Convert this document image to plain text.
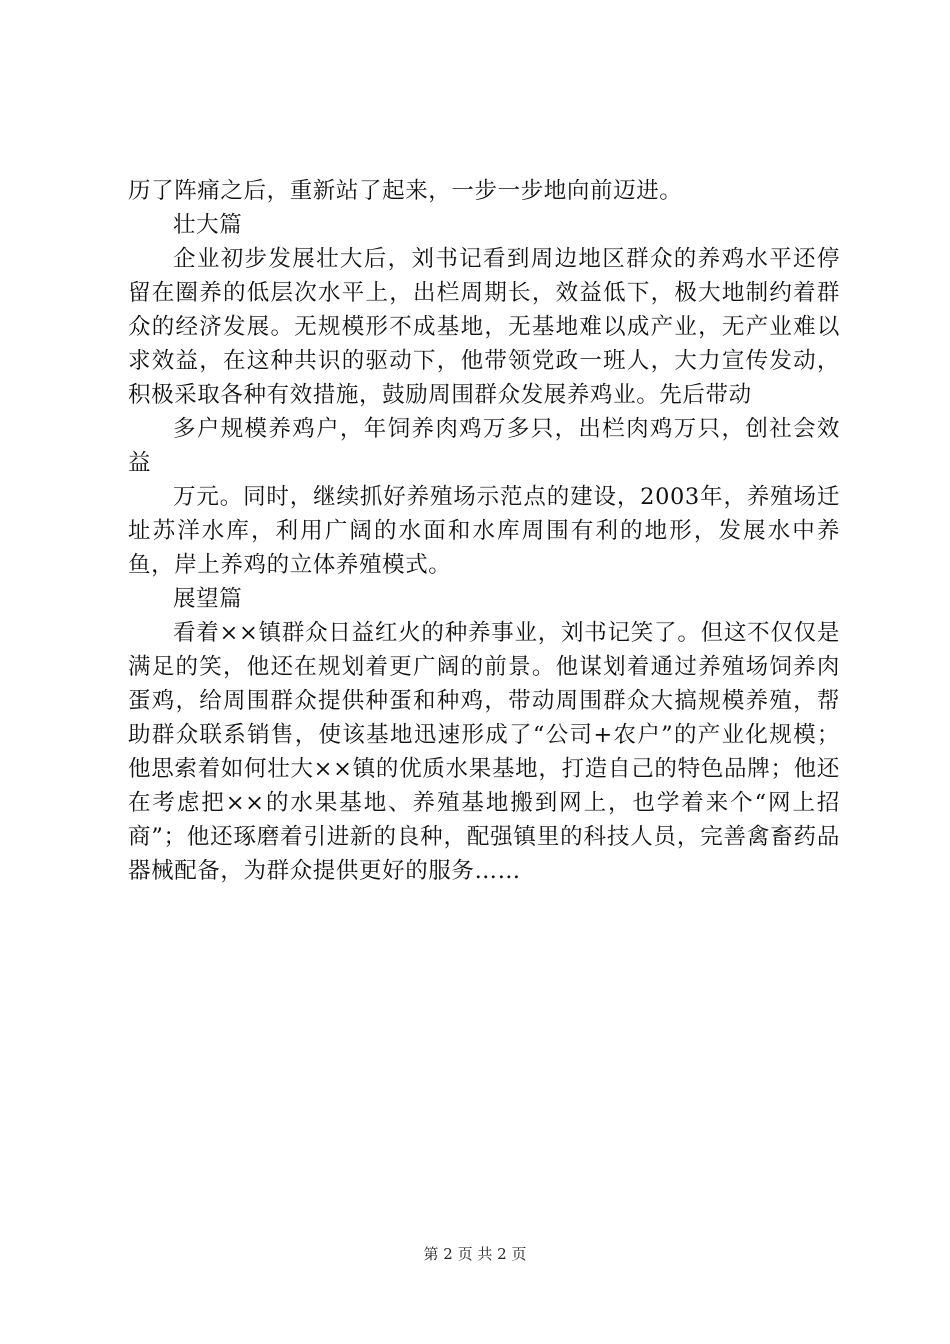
历了阵痛之后，重新站了起来，一步一步地向前迈进。

壮大篇

企业初步发展壮大后，刘书记看到周边地区群众的养鸡水平还停留在圈养的低层次水平上，出栏周期长，效益低下，极大地制约着群众的经济发展。无规模形不成基地，无基地难以成产业，无产业难以求效益，在这种共识的驱动下，他带领党政一班人，大力宣传发动，积极采取各种有效措施，鼓励周围群众发展养鸡业。先后带动

多户规模养鸡户，年饲养肉鸡万多只，出栏肉鸡万只，创社会效益

万元。同时，继续抓好养殖场示范点的建设，2003年，养殖场迁址苏洋水库，利用广阔的水面和水库周围有利的地形，发展水中养鱼，岸上养鸡的立体养殖模式。

展望篇

看着××镇群众日益红火的种养事业，刘书记笑了。但这不仅仅是满足的笑，他还在规划着更广阔的前景。他谋划着通过养殖场饲养肉蛋鸡，给周围群众提供种蛋和种鸡，带动周围群众大搞规模养殖，帮助群众联系销售，使该基地迅速形成了“公司+农户”的产业化规模；他思索着如何壮大××镇的优质水果基地，打造自己的特色品牌；他还在考虑把××的水果基地、养殖基地搬到网上，也学着来个“网上招商”；他还琢磨着引进新的良种，配强镇里的科技人员，完善禽畜药品器械配备，为群众提供更好的服务……

第 2 页 共 2 页
